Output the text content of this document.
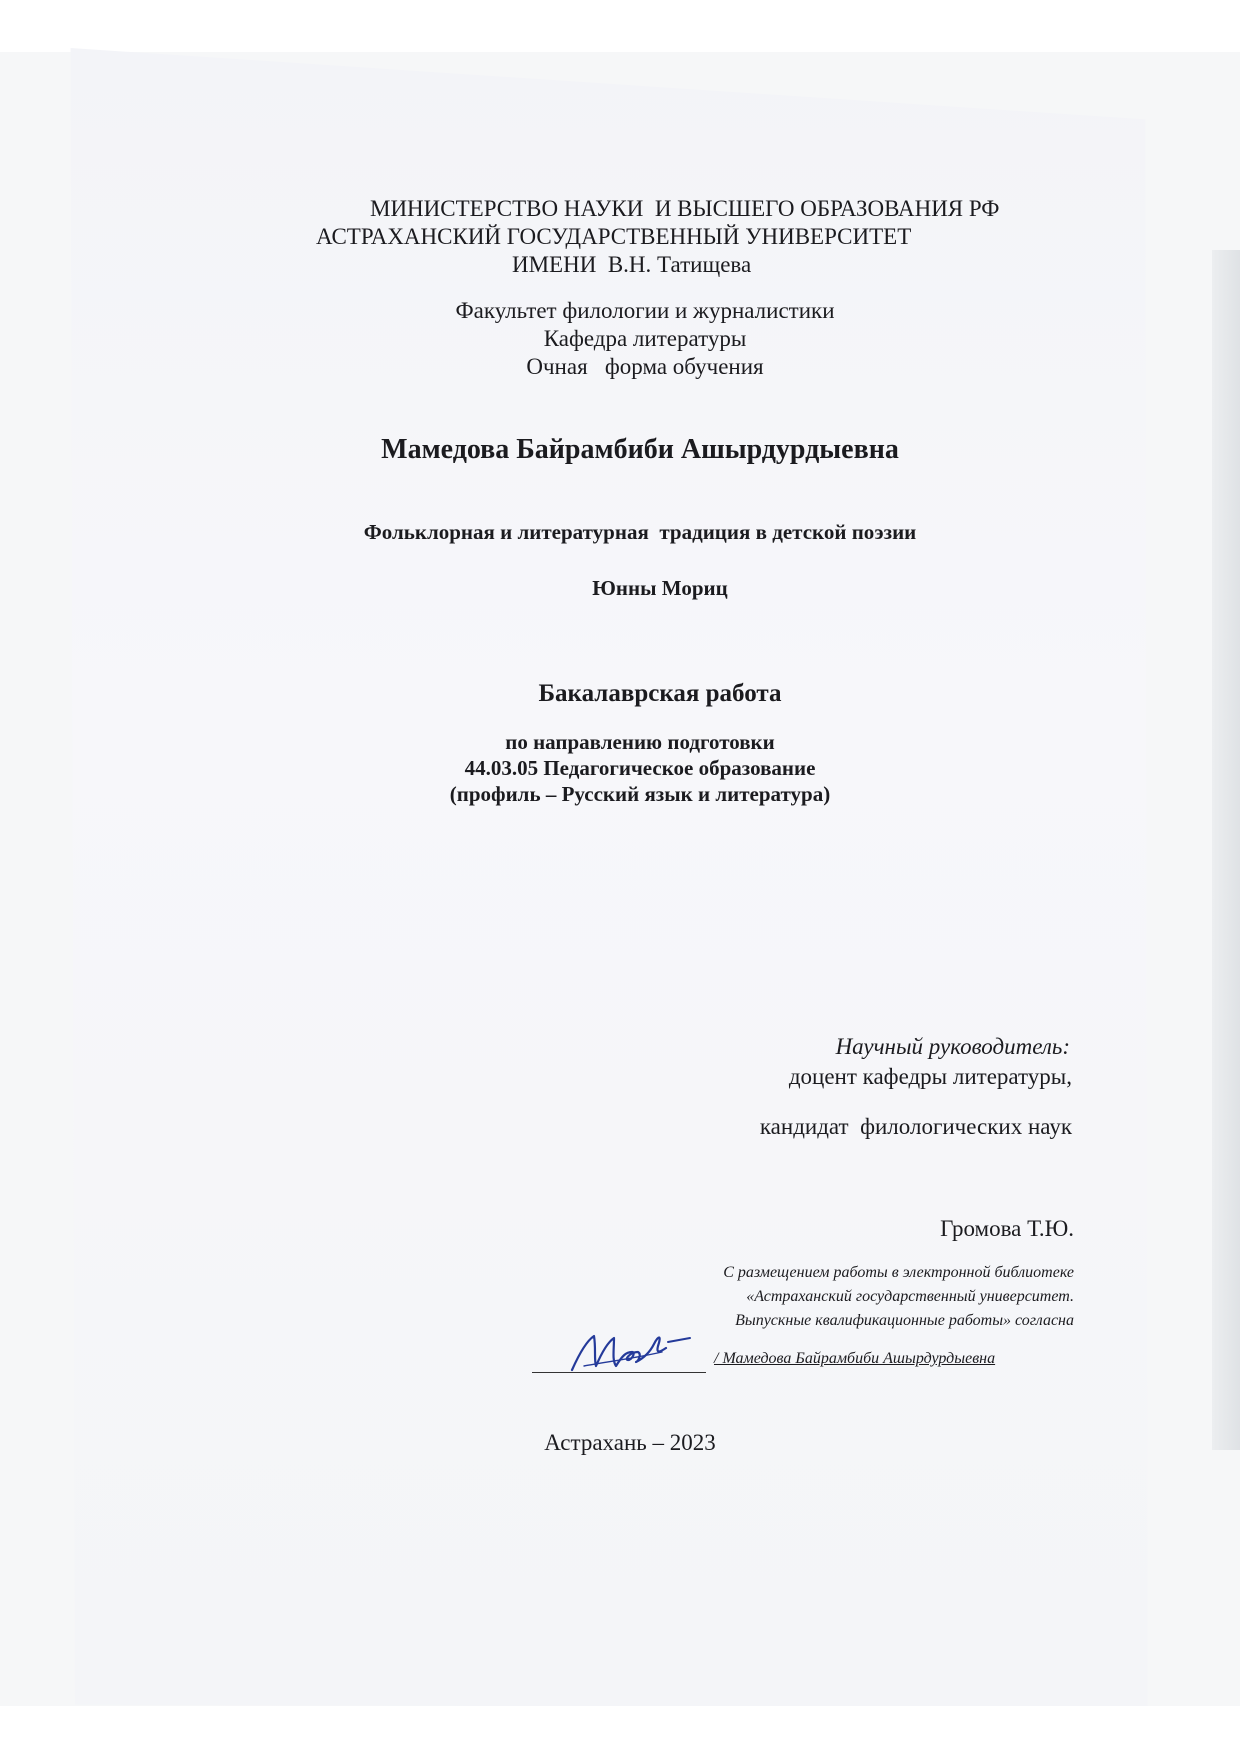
МИНИСТЕРСТВО НАУКИ  И ВЫСШЕГО ОБРАЗОВАНИЯ РФ

АСТРАХАНСКИЙ ГОСУДАРСТВЕННЫЙ УНИВЕРСИТЕТ

ИМЕНИ  В.Н. Татищева

Факультет филологии и журналистики

Кафедра литературы

Очная   форма обучения

Мамедова Байрамбиби Ашырдурдыевна

Фольклорная и литературная  традиция в детской поэзии

Юнны Мориц

Бакалаврская работа

по направлению подготовки

44.03.05 Педагогическое образование

(профиль – Русский язык и литература)

Научный руководитель:

доцент кафедры литературы,

кандидат  филологических наук

Громова Т.Ю.

С размещением работы в электронной библиотеке

«Астраханский государственный университет.

Выпускные квалификационные работы» согласна

/ Мамедова Байрамбиби Ашырдурдыевна

Астрахань – 2023
